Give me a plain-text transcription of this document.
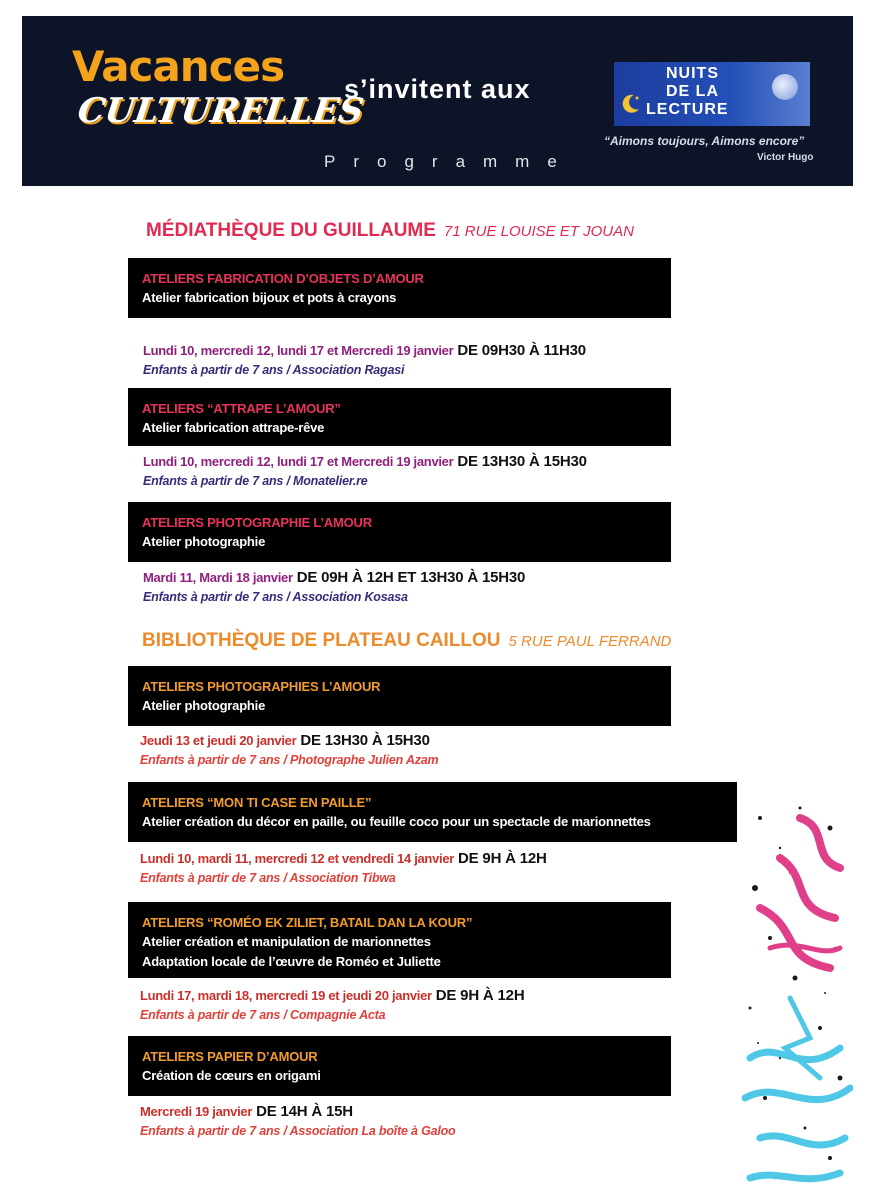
Vacances
CULTURELLES
s’invitent aux
Programme
NUITS
DE LA
LECTURE
“Aimons toujours, Aimons encore”
Victor Hugo
MÉDIATHÈQUE DU GUILLAUME 71 RUE LOUISE ET JOUAN
ATELIERS FABRICATION D’OBJETS D’AMOUR
Atelier fabrication bijoux et pots à crayons
Lundi 10, mercredi 12, lundi 17 et Mercredi 19 janvier DE 09H30 À 11H30
Enfants à partir de 7 ans / Association Ragasi
ATELIERS “ATTRAPE L’AMOUR”
Atelier fabrication attrape-rêve
Lundi 10, mercredi 12, lundi 17 et Mercredi 19 janvier DE 13H30 À 15H30
Enfants à partir de 7 ans / Monatelier.re
ATELIERS PHOTOGRAPHIE L’AMOUR
Atelier photographie
Mardi 11, Mardi 18 janvier DE 09H À 12H ET 13H30 À 15H30
Enfants à partir de 7 ans / Association Kosasa
BIBLIOTHÈQUE DE PLATEAU CAILLOU 5 RUE PAUL FERRAND
ATELIERS PHOTOGRAPHIES L’AMOUR
Atelier photographie
Jeudi 13 et jeudi 20 janvier DE 13H30 À 15H30
Enfants à partir de 7 ans / Photographe Julien Azam
ATELIERS “MON TI CASE EN PAILLE”
Atelier création du décor en paille, ou feuille coco pour un spectacle de marionnettes
Lundi 10, mardi 11, mercredi 12 et vendredi 14 janvier DE 9H À 12H
Enfants à partir de 7 ans / Association Tibwa
ATELIERS “ROMÉO EK ZILIET, BATAIL DAN LA KOUR”
Atelier création et manipulation de marionnettes
Adaptation locale de l’œuvre de Roméo et Juliette
Lundi 17, mardi 18, mercredi 19 et jeudi 20 janvier DE 9H À 12H
Enfants à partir de 7 ans / Compagnie Acta
ATELIERS PAPIER D’AMOUR
Création de cœurs en origami
Mercredi 19 janvier DE 14H À 15H
Enfants à partir de 7 ans / Association La boîte à Galoo
